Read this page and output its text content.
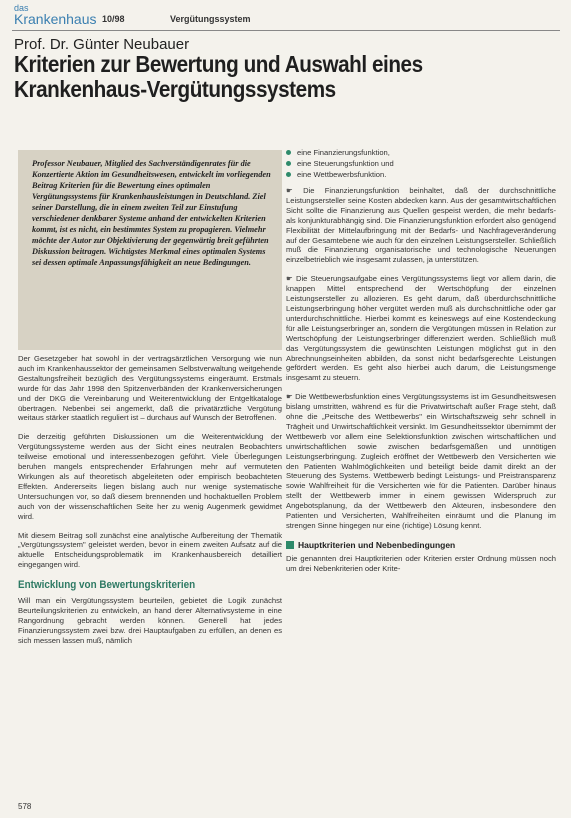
das
Krankenhaus 10/98	Vergütungssystem
Prof. Dr. Günter Neubauer
Kriterien zur Bewertung und Auswahl eines Krankenhaus-Vergütungssystems

Professor Neubauer, Mitglied des Sachverständigenrates für die Konzertierte Aktion im Gesundheitswesen, entwickelt im vorliegenden Beitrag Kriterien für die Bewertung eines optimalen Vergütungssystems für Krankenhausleistungen in Deutschland. Ziel seiner Darstellung, die in einem zweiten Teil zur Einstufung verschiedener denkbarer Systeme anhand der entwickelten Kriterien kommt, ist es nicht, ein bestimmtes System zu propagieren. Vielmehr möchte der Autor zur Objektivierung der gegenwärtig breit geführten Diskussion beitragen. Wichtigstes Merkmal eines optimalen Systems sei dessen optimale Anpassungsfähigkeit an neue Bedingungen.

Der Gesetzgeber hat sowohl in der vertragsärztlichen Versorgung wie nun auch im Krankenhaussektor der gemeinsamen Selbstverwaltung weitgehende Gestaltungsfreiheit bezüglich des Vergütungssystems eingeräumt. Erstmals wurde für das Jahr 1998 den Spitzenverbänden der Krankenversicherungen und der DKG die Vereinbarung und Weiterentwicklung der Entgeltkataloge übertragen. Nebenbei sei angemerkt, daß die privatärztliche Vergütung weitaus stärker staatlich reguliert ist – durchaus auf Wunsch der Betroffenen.

Die derzeitig geführten Diskussionen um die Weiterentwicklung der Vergütungssysteme werden aus der Sicht eines neutralen Beobachters teilweise emotional und interessenbezogen geführt. Viele Überlegungen beruhen mangels entsprechender Erfahrungen mehr auf vermuteten Wirkungen als auf theoretisch abgeleiteten oder empirisch beobachteten Effekten. Andererseits liegen bislang auch nur wenige systematische Untersuchungen vor, so daß diesem brennenden und hochaktuellen Problem auch von der wissenschaftlichen Seite her zu wenig Augenmerk gewidmet wird.

Mit diesem Beitrag soll zunächst eine analytische Aufbereitung der Thematik „Vergütungssystem" geleistet werden, bevor in einem zweiten Aufsatz auf die aktuelle Entscheidungsproblematik im Krankenhausbereich detailliert eingegangen wird.

Entwicklung von Bewertungskriterien

Will man ein Vergütungssystem beurteilen, gebietet die Logik zunächst Beurteilungskriterien zu entwickeln, an hand derer Alternativsysteme in eine Rangordnung gebracht werden können. Generell hat jedes Finanzierungssystem zwei bzw. drei Hauptaufgaben zu erfüllen, an denen es sich messen lassen muß, nämlich

eine Finanzierungsfunktion,
eine Steuerungsfunktion und
eine Wettbewerbsfunktion.

☛ Die Finanzierungsfunktion beinhaltet, daß der durchschnittliche Leistungsersteller seine Kosten abdecken kann. Aus der gesamtwirtschaftlichen Sicht sollte die Finanzierung aus Quellen gespeist werden, die mehr bedarfs- als konjunkturabhängig sind. Die Finanzierungsfunktion erfordert also genügend Flexibilität der Mittelaufbringung mit der Bedarfs- und Nachfrageveränderung auf der Gesamtebene wie auch für den einzelnen Leistungsersteller. Schließlich muß die Finanzierung organisatorische und technologische Neuerungen einzelbetrieblich wie insgesamt zulassen, ja unterstützen.

☛ Die Steuerungsaufgabe eines Vergütungssystems liegt vor allem darin, die knappen Mittel entsprechend der Wertschöpfung der einzelnen Leistungsersteller zu allozieren. Es geht darum, daß überdurchschnittliche Leistungserbringung höher vergütet werden muß als durchschnittliche oder gar unterdurchschnittliche. Hierbei kommt es keineswegs auf eine Kostendeckung für alle Leistungserbringer an, sondern die Vergütungen müssen in Relation zur Wertschöpfung der Leistungserbringer differenziert werden. Schließlich muß das Vergütungssystem die gewünschten Leistungen möglichst gut in den Abrechnungseinheiten abbilden, da sonst nicht bedarfsgerechte Leistungen gefördert werden. Es geht also hierbei auch darum, die Leistungsmenge insgesamt zu steuern.

☛ Die Wettbewerbsfunktion eines Vergütungssystems ist im Gesundheitswesen bislang umstritten, während es für die Privatwirtschaft außer Frage steht, daß ohne die „Peitsche des Wettbewerbs" ein Wirtschaftszweig sehr schnell in Trägheit und Unwirtschaftlichkeit versinkt. Im Gesundheitssektor übernimmt der Wettbewerb vor allem eine Selektionsfunktion zwischen wirtschaftlichen und unwirtschaftlichen sowie zwischen bedarfsgemäßen und unnötigen Leistungserbringung. Zugleich eröffnet der Wettbewerb den Versicherten wie den Patienten Wahlmöglichkeiten und beteiligt beide damit direkt an der Steuerung des Systems. Wettbewerb bedingt Leistungs- und Preistransparenz sowie Wahlfreiheit für die Versicherten wie für die Patienten. Darüber hinaus stellt der Wettbewerb immer in einem gewissen Widerspruch zur Angebotsplanung, da der Wettbewerb den Akteuren, insbesondere den Patienten und Versicherten, Wahlfreiheiten einräumt und die Planung im strengen Sinne hingegen nur eine (richtige) Lösung kennt.

Hauptkriterien und Nebenbedingungen

Die genannten drei Hauptkriterien oder Kriterien erster Ordnung müssen noch um drei Nebenkriterien oder Krite-

578
